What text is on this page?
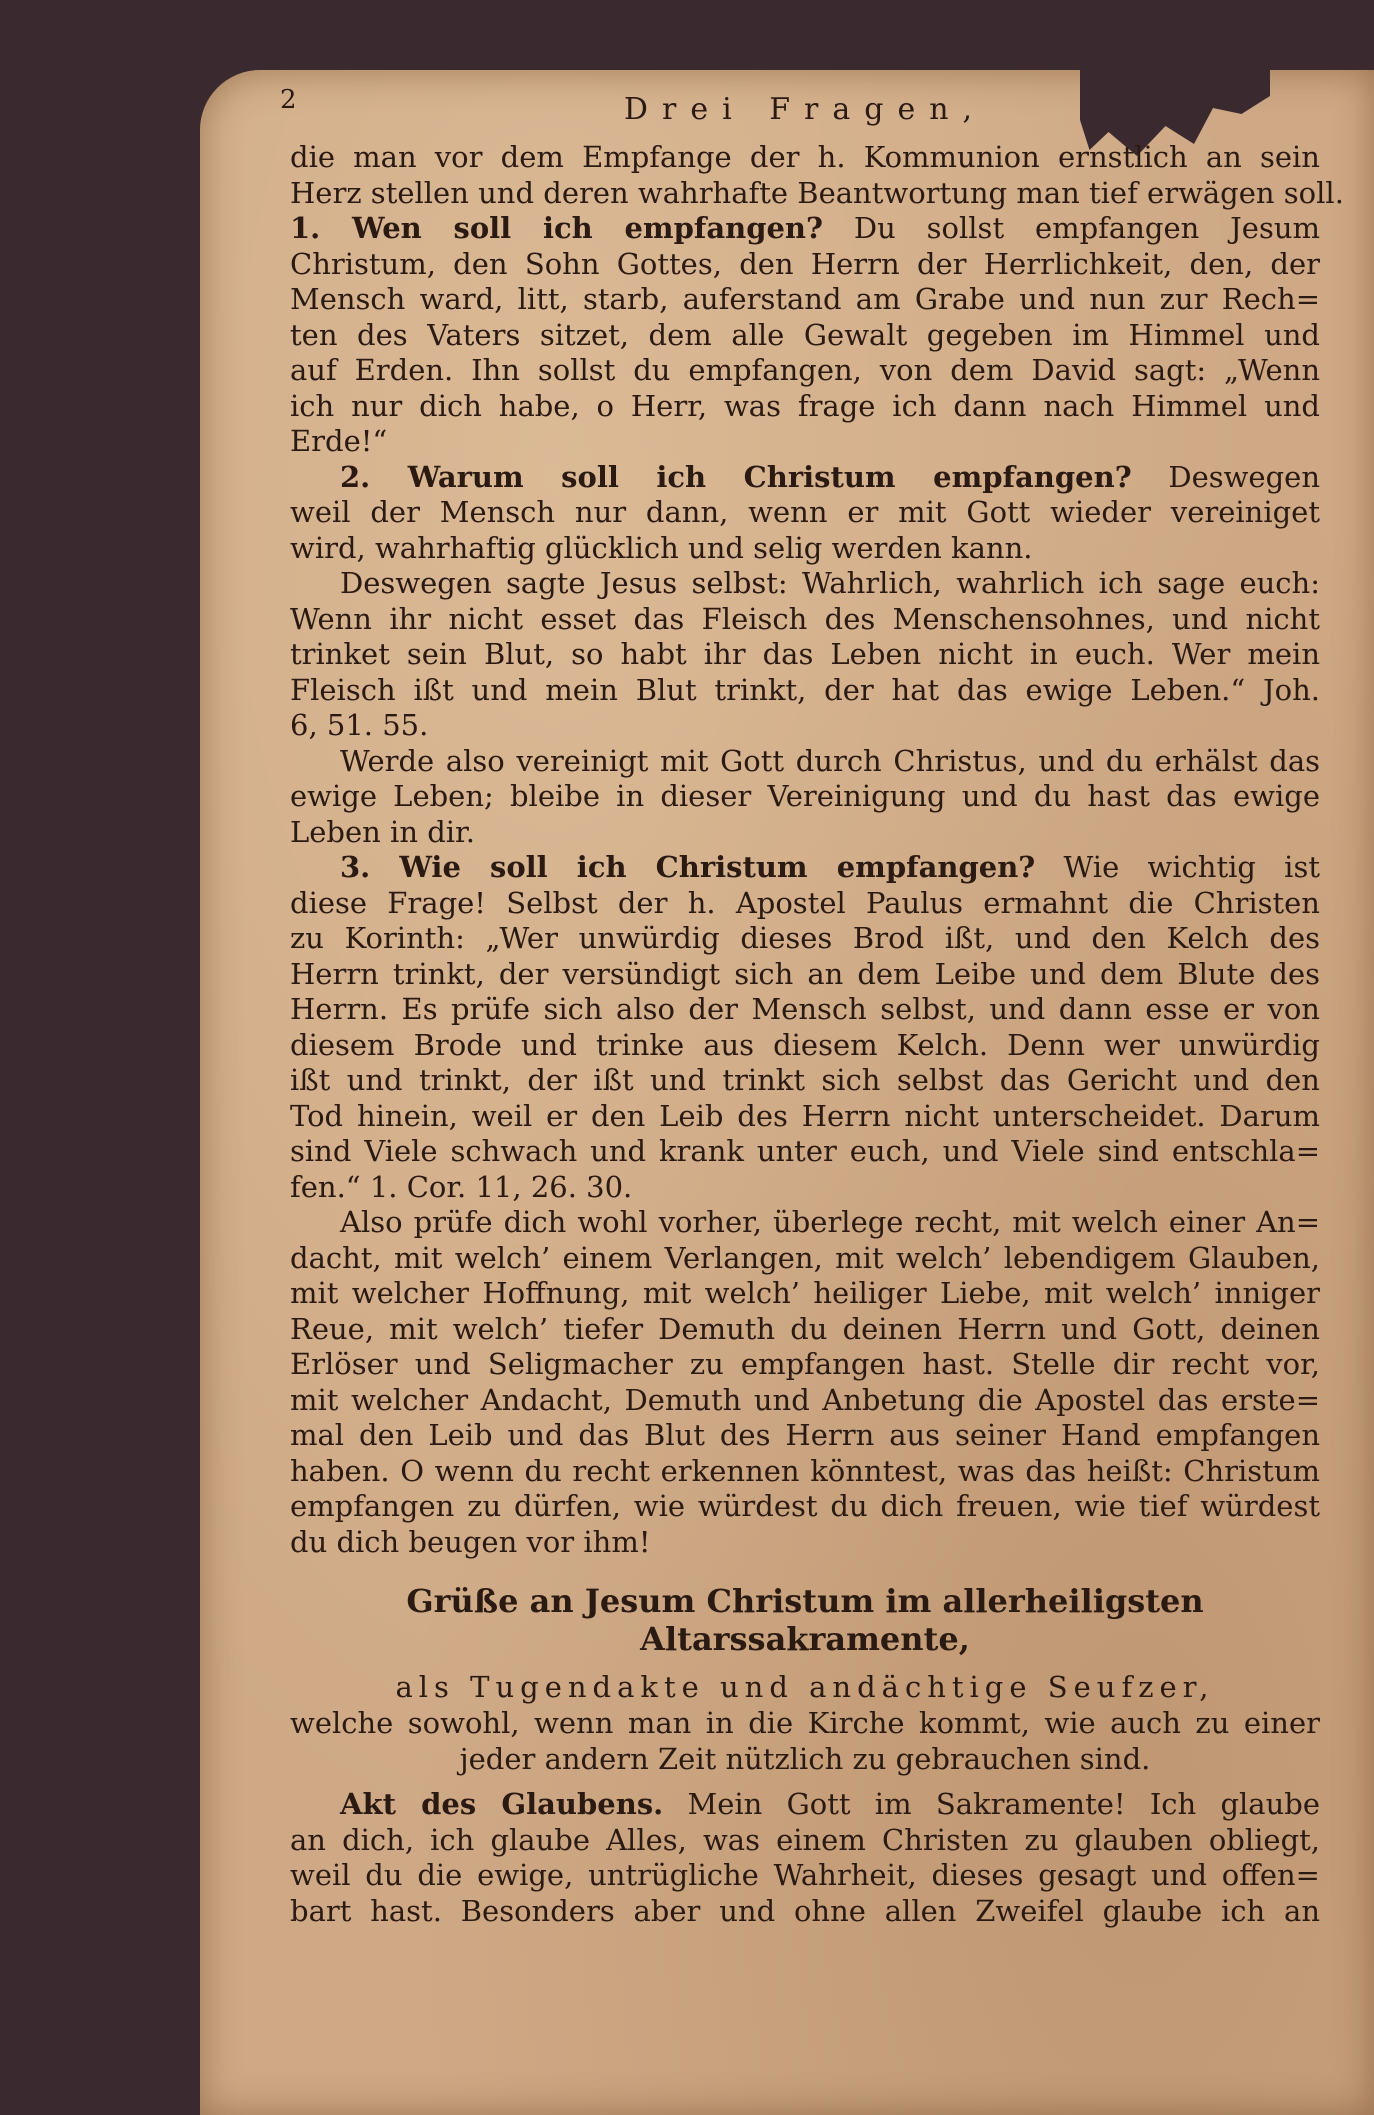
2	Drei Fragen,
die man vor dem Empfange der h. Kommunion ernstlich an sein
Herz stellen und deren wahrhafte Beantwortung man tief erwägen soll.
1. Wen soll ich empfangen? Du sollst empfangen Jesum
Christum, den Sohn Gottes, den Herrn der Herrlichkeit, den, der
Mensch ward, litt, starb, auferstand am Grabe und nun zur Rech=
ten des Vaters sitzet, dem alle Gewalt gegeben im Himmel und
auf Erden. Ihn sollst du empfangen, von dem David sagt: „Wenn
ich nur dich habe, o Herr, was frage ich dann nach Himmel und
Erde!“
2. Warum soll ich Christum empfangen? Deswegen
weil der Mensch nur dann, wenn er mit Gott wieder vereiniget
wird, wahrhaftig glücklich und selig werden kann.
Deswegen sagte Jesus selbst: Wahrlich, wahrlich ich sage euch:
Wenn ihr nicht esset das Fleisch des Menschensohnes, und nicht
trinket sein Blut, so habt ihr das Leben nicht in euch. Wer mein
Fleisch ißt und mein Blut trinkt, der hat das ewige Leben.“ Joh.
6, 51. 55.
Werde also vereinigt mit Gott durch Christus, und du erhälst das
ewige Leben; bleibe in dieser Vereinigung und du hast das ewige
Leben in dir.
3. Wie soll ich Christum empfangen? Wie wichtig ist
diese Frage! Selbst der h. Apostel Paulus ermahnt die Christen
zu Korinth: „Wer unwürdig dieses Brod ißt, und den Kelch des
Herrn trinkt, der versündigt sich an dem Leibe und dem Blute des
Herrn. Es prüfe sich also der Mensch selbst, und dann esse er von
diesem Brode und trinke aus diesem Kelch. Denn wer unwürdig
ißt und trinkt, der ißt und trinkt sich selbst das Gericht und den
Tod hinein, weil er den Leib des Herrn nicht unterscheidet. Darum
sind Viele schwach und krank unter euch, und Viele sind entschla=
fen.“ 1. Cor. 11, 26. 30.
Also prüfe dich wohl vorher, überlege recht, mit welch einer An=
dacht, mit welch’ einem Verlangen, mit welch’ lebendigem Glauben,
mit welcher Hoffnung, mit welch’ heiliger Liebe, mit welch’ inniger
Reue, mit welch’ tiefer Demuth du deinen Herrn und Gott, deinen
Erlöser und Seligmacher zu empfangen hast. Stelle dir recht vor,
mit welcher Andacht, Demuth und Anbetung die Apostel das erste=
mal den Leib und das Blut des Herrn aus seiner Hand empfangen
haben. O wenn du recht erkennen könntest, was das heißt: Christum
empfangen zu dürfen, wie würdest du dich freuen, wie tief würdest
du dich beugen vor ihm!
Grüße an Jesum Christum im allerheiligsten
Altarssakramente,
als Tugendakte und andächtige Seufzer,
welche sowohl, wenn man in die Kirche kommt, wie auch zu einer
jeder andern Zeit nützlich zu gebrauchen sind.
Akt des Glaubens. Mein Gott im Sakramente! Ich glaube
an dich, ich glaube Alles, was einem Christen zu glauben obliegt,
weil du die ewige, untrügliche Wahrheit, dieses gesagt und offen=
bart hast. Besonders aber und ohne allen Zweifel glaube ich an
